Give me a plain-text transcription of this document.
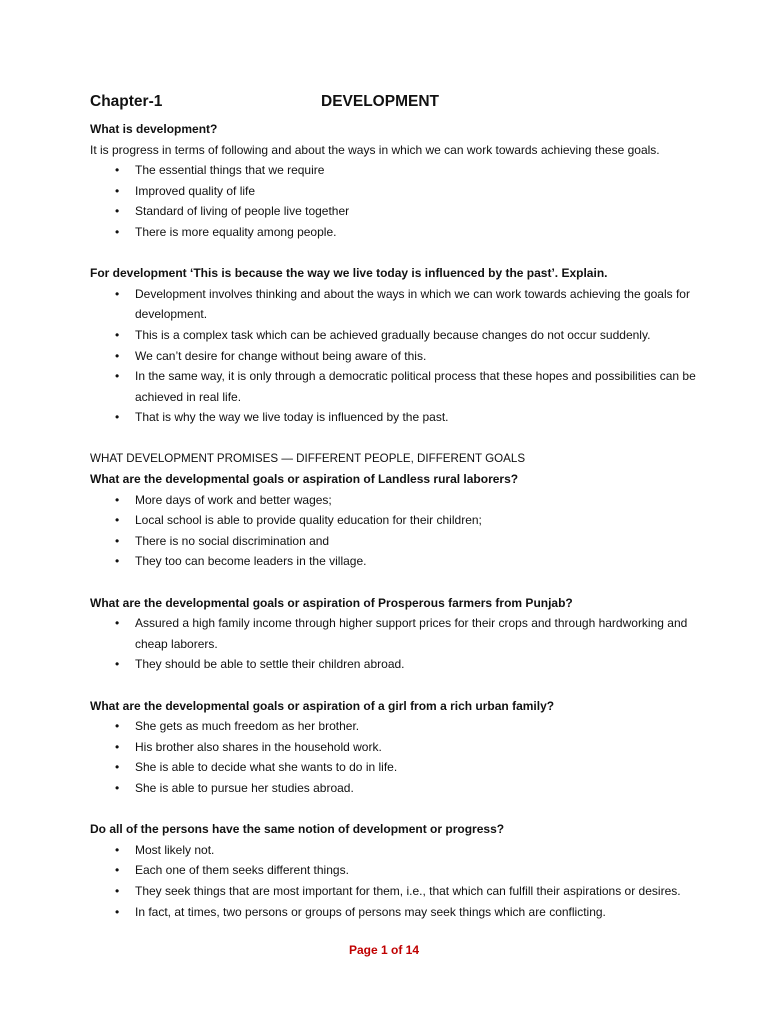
Chapter-1	DEVELOPMENT
What is development?
It is progress in terms of following and about the ways in which we can work towards achieving these goals.
• The essential things that we require
• Improved quality of life
• Standard of living of people live together
• There is more equality among people.
For development ‘This is because the way we live today is influenced by the past’. Explain.
• Development involves thinking and about the ways in which we can work towards achieving the goals for development.
• This is a complex task which can be achieved gradually because changes do not occur suddenly.
• We can’t desire for change without being aware of this.
• In the same way, it is only through a democratic political process that these hopes and possibilities can be achieved in real life.
• That is why the way we live today is influenced by the past.
WHAT DEVELOPMENT PROMISES — DIFFERENT PEOPLE, DIFFERENT GOALS
What are the developmental goals or aspiration of Landless rural laborers?
• More days of work and better wages;
• Local school is able to provide quality education for their children;
• There is no social discrimination and
• They too can become leaders in the village.
What are the developmental goals or aspiration of Prosperous farmers from Punjab?
• Assured a high family income through higher support prices for their crops and through hardworking and cheap laborers.
• They should be able to settle their children abroad.
What are the developmental goals or aspiration of a girl from a rich urban family?
• She gets as much freedom as her brother.
• His brother also shares in the household work.
• She is able to decide what she wants to do in life.
• She is able to pursue her studies abroad.
Do all of the persons have the same notion of development or progress?
• Most likely not.
• Each one of them seeks different things.
• They seek things that are most important for them, i.e., that which can fulfill their aspirations or desires.
• In fact, at times, two persons or groups of persons may seek things which are conflicting.
Page 1 of 14
